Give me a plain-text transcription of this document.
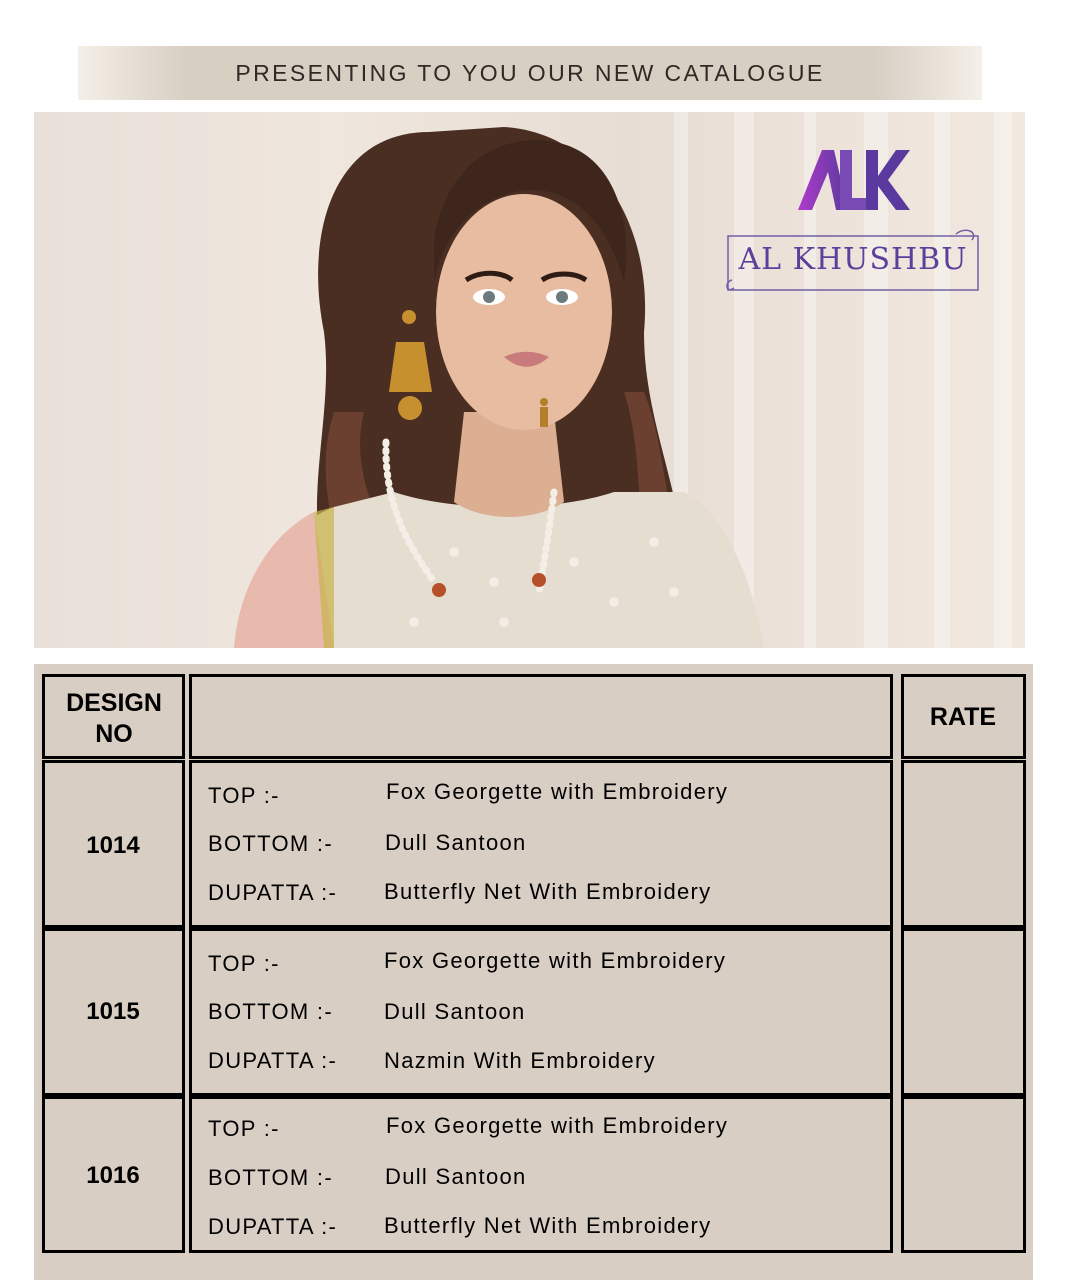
PRESENTING TO YOU OUR NEW CATALOGUE
AL KHUSHBU
DESIGN NO
RATE
1014
TOP :-	Fox Georgette with Embroidery
BOTTOM :- Dull Santoon
DUPATTA :- Butterfly Net With Embroidery
1015
TOP :-	Fox Georgette with Embroidery
BOTTOM :- Dull Santoon
DUPATTA :- Nazmin With Embroidery
1016
TOP :-	Fox Georgette with Embroidery
BOTTOM :- Dull Santoon
DUPATTA :- Butterfly Net With Embroidery
